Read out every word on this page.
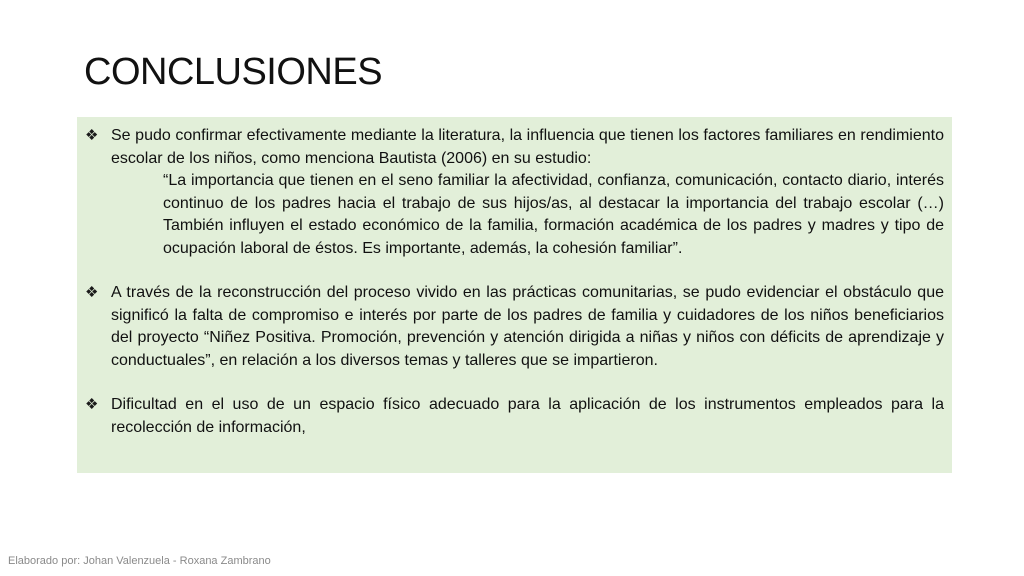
CONCLUSIONES
❖ Se pudo confirmar efectivamente mediante la literatura, la influencia que tienen los factores familiares en rendimiento escolar de los niños, como menciona Bautista (2006) en su estudio:

“La importancia que tienen en el seno familiar la afectividad, confianza, comunicación, contacto diario, interés continuo de los padres hacia el trabajo de sus hijos/as, al destacar la importancia del trabajo escolar (…) También influyen el estado económico de la familia, formación académica de los padres y madres y tipo de ocupación laboral de éstos. Es importante, además, la cohesión familiar”.

❖ A través de la reconstrucción del proceso vivido en las prácticas comunitarias, se pudo evidenciar el obstáculo que significó la falta de compromiso e interés por parte de los padres de familia y cuidadores de los niños beneficiarios del proyecto “Niñez Positiva. Promoción, prevención y atención dirigida a niñas y niños con déficits de aprendizaje y conductuales”, en relación a los diversos temas y talleres que se impartieron.

❖ Dificultad en el uso de un espacio físico adecuado para la aplicación de los instrumentos empleados para la recolección de información,

Elaborado por: Johan Valenzuela - Roxana Zambrano
